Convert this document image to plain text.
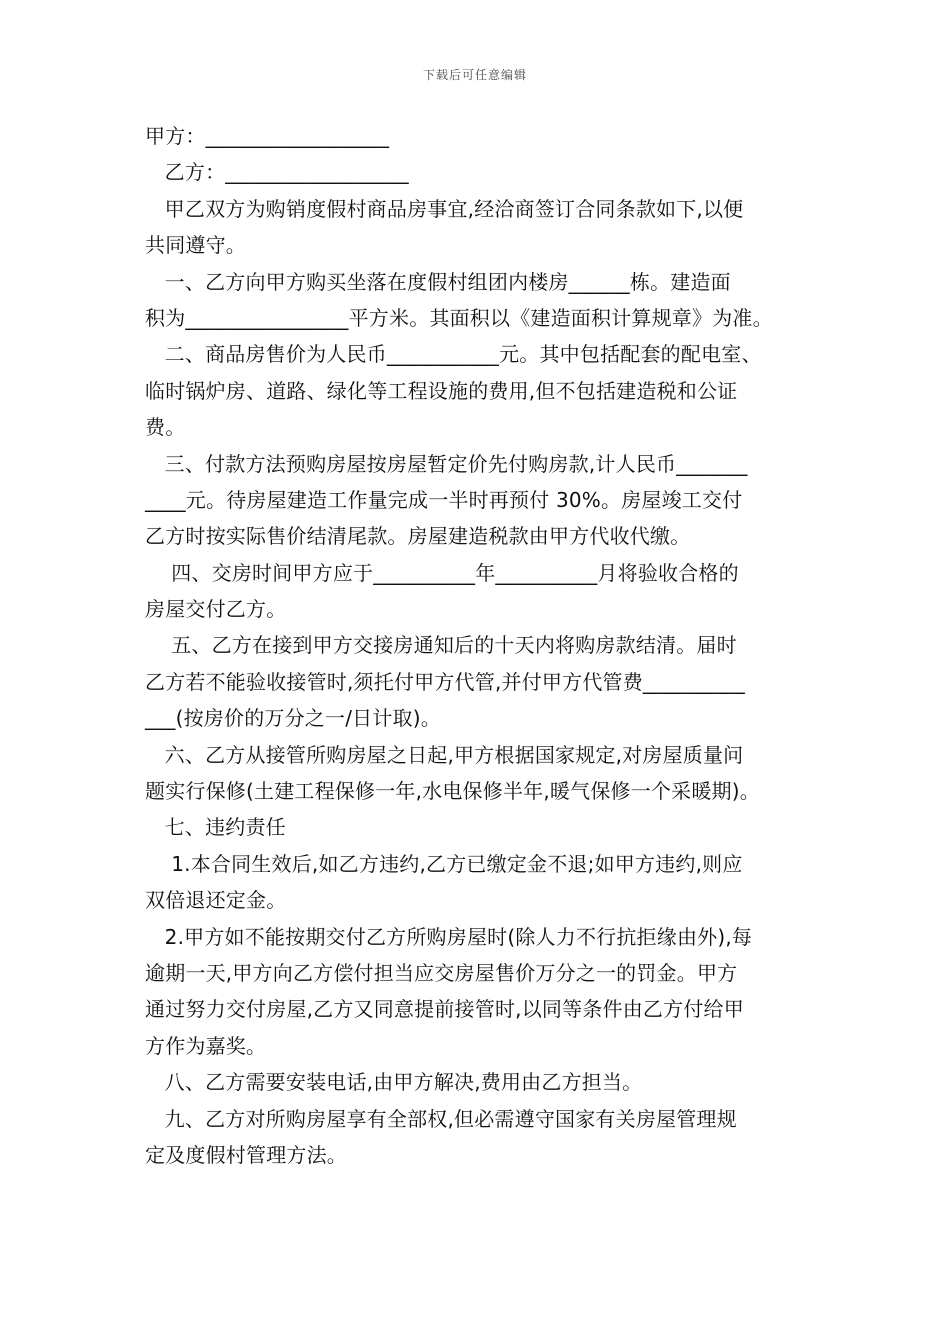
下载后可任意编辑
甲方：__________________
乙方：__________________
甲乙双方为购销度假村商品房事宜,经洽商签订合同条款如下,以便
共同遵守。
一、乙方向甲方购买坐落在度假村组团内楼房______栋。建造面
积为________________平方米。其面积以《建造面积计算规章》为准。
二、商品房售价为人民币___________元。其中包括配套的配电室、
临时锅炉房、道路、绿化等工程设施的费用,但不包括建造税和公证
费。
三、付款方法预购房屋按房屋暂定价先付购房款,计人民币_______
____元。待房屋建造工作量完成一半时再预付 30%。房屋竣工交付
乙方时按实际售价结清尾款。房屋建造税款由甲方代收代缴。
四、交房时间甲方应于__________年__________月将验收合格的
房屋交付乙方。
五、乙方在接到甲方交接房通知后的十天内将购房款结清。届时
乙方若不能验收接管时,须托付甲方代管,并付甲方代管费__________
___(按房价的万分之一/日计取)。
六、乙方从接管所购房屋之日起,甲方根据国家规定,对房屋质量问
题实行保修(土建工程保修一年,水电保修半年,暖气保修一个采暖期)。
七、违约责任
1.本合同生效后,如乙方违约,乙方已缴定金不退;如甲方违约,则应
双倍退还定金。
2.甲方如不能按期交付乙方所购房屋时(除人力不行抗拒缘由外),每
逾期一天,甲方向乙方偿付担当应交房屋售价万分之一的罚金。甲方
通过努力交付房屋,乙方又同意提前接管时,以同等条件由乙方付给甲
方作为嘉奖。
八、乙方需要安装电话,由甲方解决,费用由乙方担当。
九、乙方对所购房屋享有全部权,但必需遵守国家有关房屋管理规
定及度假村管理方法。
